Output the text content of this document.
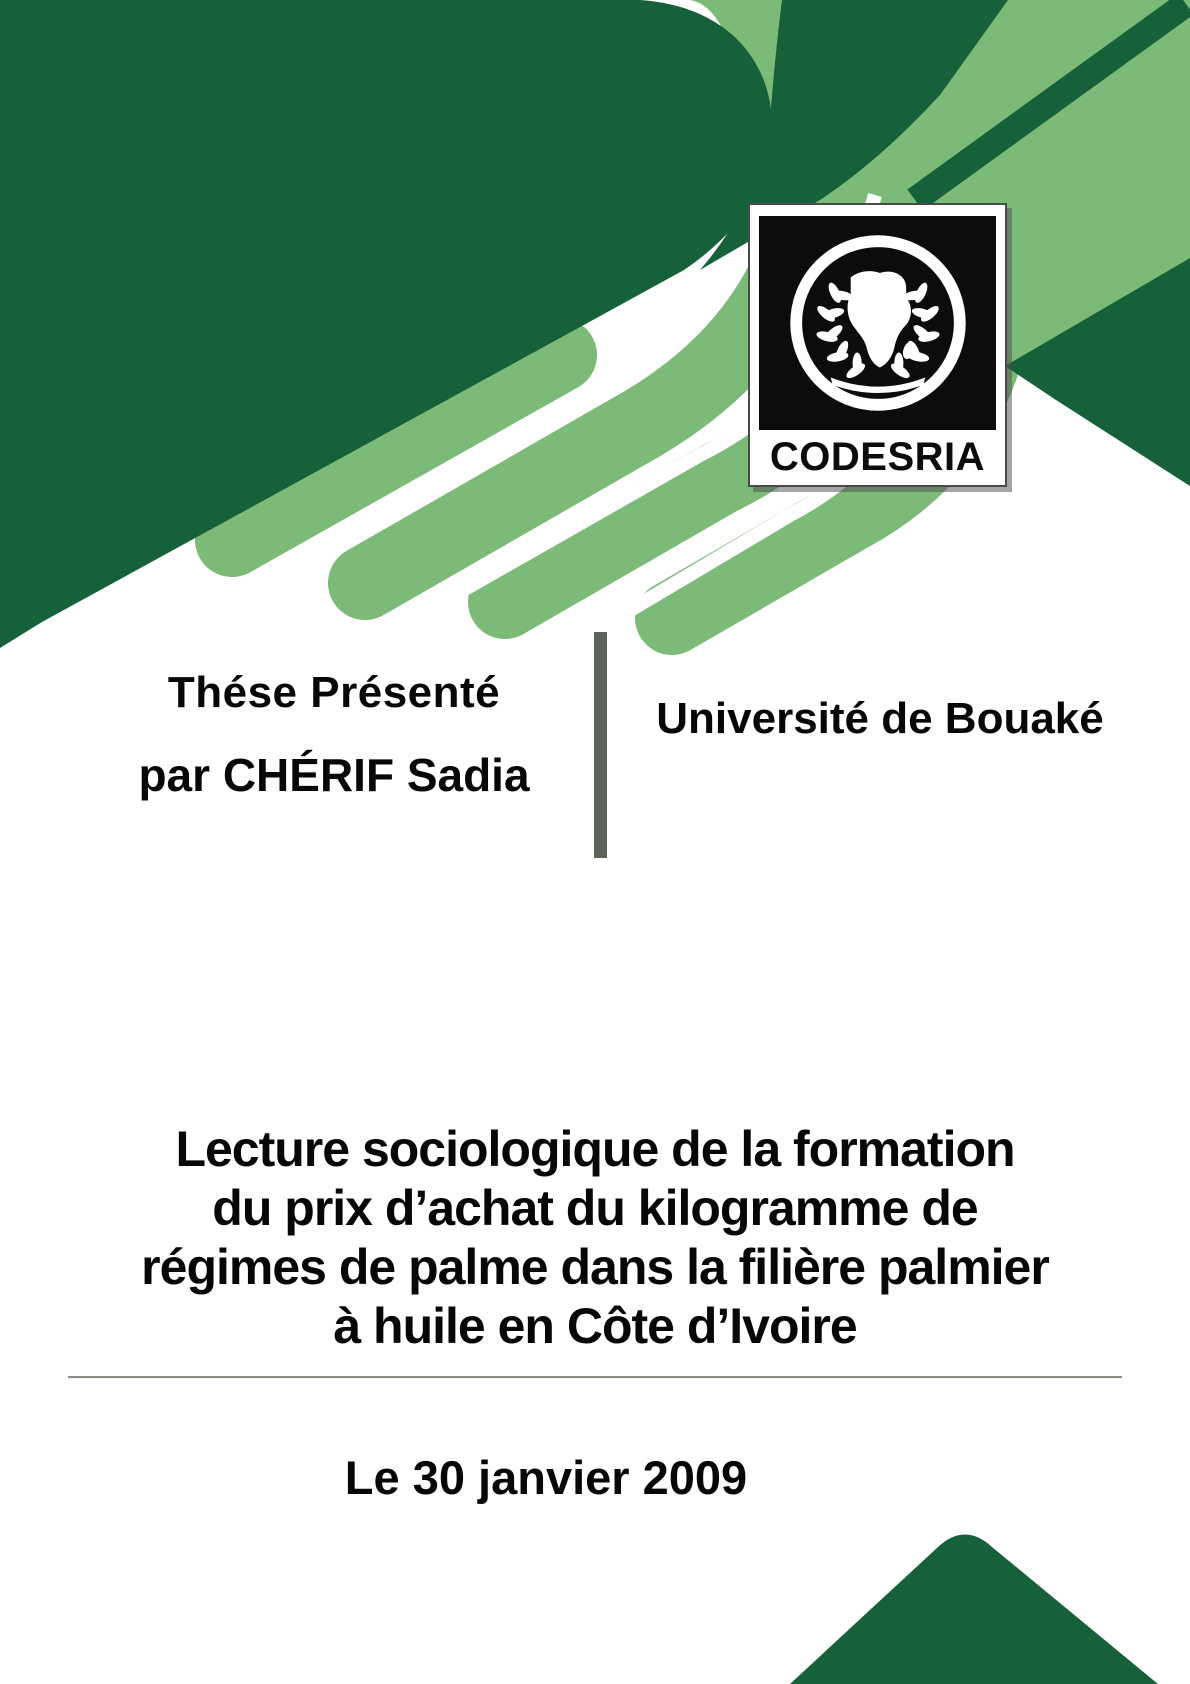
CODESRIA
Thése Présenté
par CHÉRIF Sadia
Université de Bouaké
Lecture sociologique de la formation
du prix d’achat du kilogramme de
régimes de palme dans la filière palmier
à huile en Côte d’Ivoire
Le 30 janvier 2009
